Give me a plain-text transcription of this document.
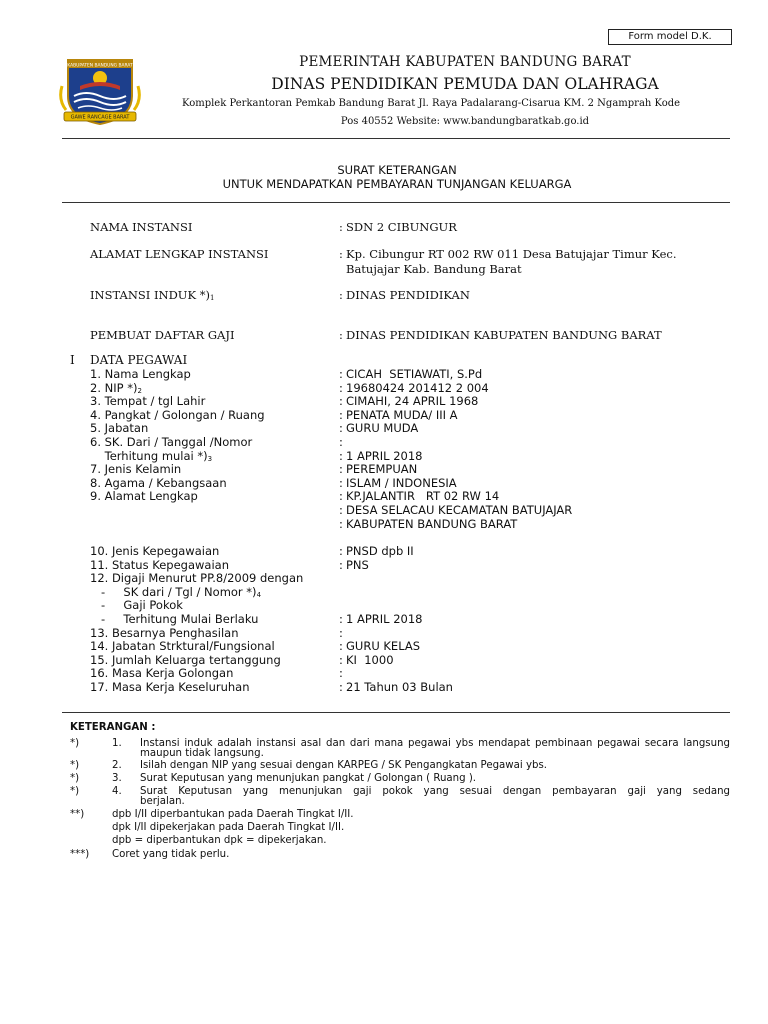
Form model D.K.
KABUPATEN BANDUNG BARAT
GAWE RANCAGE BARAT
PEMERINTAH KABUPATEN BANDUNG BARAT
DINAS PENDIDIKAN PEMUDA DAN OLAHRAGA
Komplek Perkantoran Pemkab Bandung Barat Jl. Raya Padalarang-Cisarua KM. 2 Ngamprah Kode
Pos 40552 Website: www.bandungbaratkab.go.id
SURAT KETERANGAN
UNTUK MENDAPATKAN PEMBAYARAN TUNJANGAN KELUARGA
NAMA INSTANSI	: SDN 2 CIBUNGUR
ALAMAT LENGKAP INSTANSI	: Kp. Cibungur RT 002 RW 011 Desa Batujajar Timur Kec.
Batujajar Kab. Bandung Barat
INSTANSI INDUK $*)_1$	: DINAS PENDIDIKAN
PEMBUAT DAFTAR GAJI	: DINAS PENDIDIKAN KABUPATEN BANDUNG BARAT
I DATA PEGAWAI
1. Nama Lengkap	: CICAH  SETIAWATI, S.Pd
2. NIP $*)_2$	: 19680424 201412 2 004
3. Tempat / tgl Lahir	: CIMAHI, 24 APRIL 1968
4. Pangkat / Golongan / Ruang	: PENATA MUDA/ III A
5. Jabatan	: GURU MUDA
6. SK. Dari / Tanggal /Nomor	:
Terhitung mulai $*)_3$	: 1 APRIL 2018
7. Jenis Kelamin	: PEREMPUAN
8. Agama / Kebangsaan	: ISLAM / INDONESIA
9. Alamat Lengkap	: KP.JALANTIR   RT 02 RW 14
: DESA SELACAU KECAMATAN BATUJAJAR
: KABUPATEN BANDUNG BARAT
10. Jenis Kepegawaian	: PNSD dpb II
11. Status Kepegawaian	: PNS
12. Digaji Menurut PP.8/2009 dengan
-     SK dari / Tgl / Nomor $*)_4$
-     Gaji Pokok
-     Terhitung Mulai Berlaku	: 1 APRIL 2018
13. Besarnya Penghasilan	:
14. Jabatan Strktural/Fungsional	: GURU KELAS
15. Jumlah Keluarga tertanggung	: KI  1000
16. Masa Kerja Golongan	:
17. Masa Kerja Keseluruhan	: 21 Tahun 03 Bulan
KETERANGAN :
*)	1. Instansi induk adalah instansi asal dan dari mana pegawai ybs mendapat pembinaan pegawai secara langsung
maupun tidak langsung.
*)	2. Isilah dengan NIP yang sesuai dengan KARPEG / SK Pengangkatan Pegawai ybs.
*)	3. Surat Keputusan yang menunjukan pangkat / Golongan ( Ruang ).
*)	4. Surat Keputusan yang menunjukan gaji pokok yang sesuai dengan pembayaran gaji yang sedang
berjalan.
**)	dpb I/II diperbantukan pada Daerah Tingkat I/II.
dpk I/II dipekerjakan pada Daerah Tingkat I/II.
dpb = diperbantukan dpk = dipekerjakan.
***) Coret yang tidak perlu.
